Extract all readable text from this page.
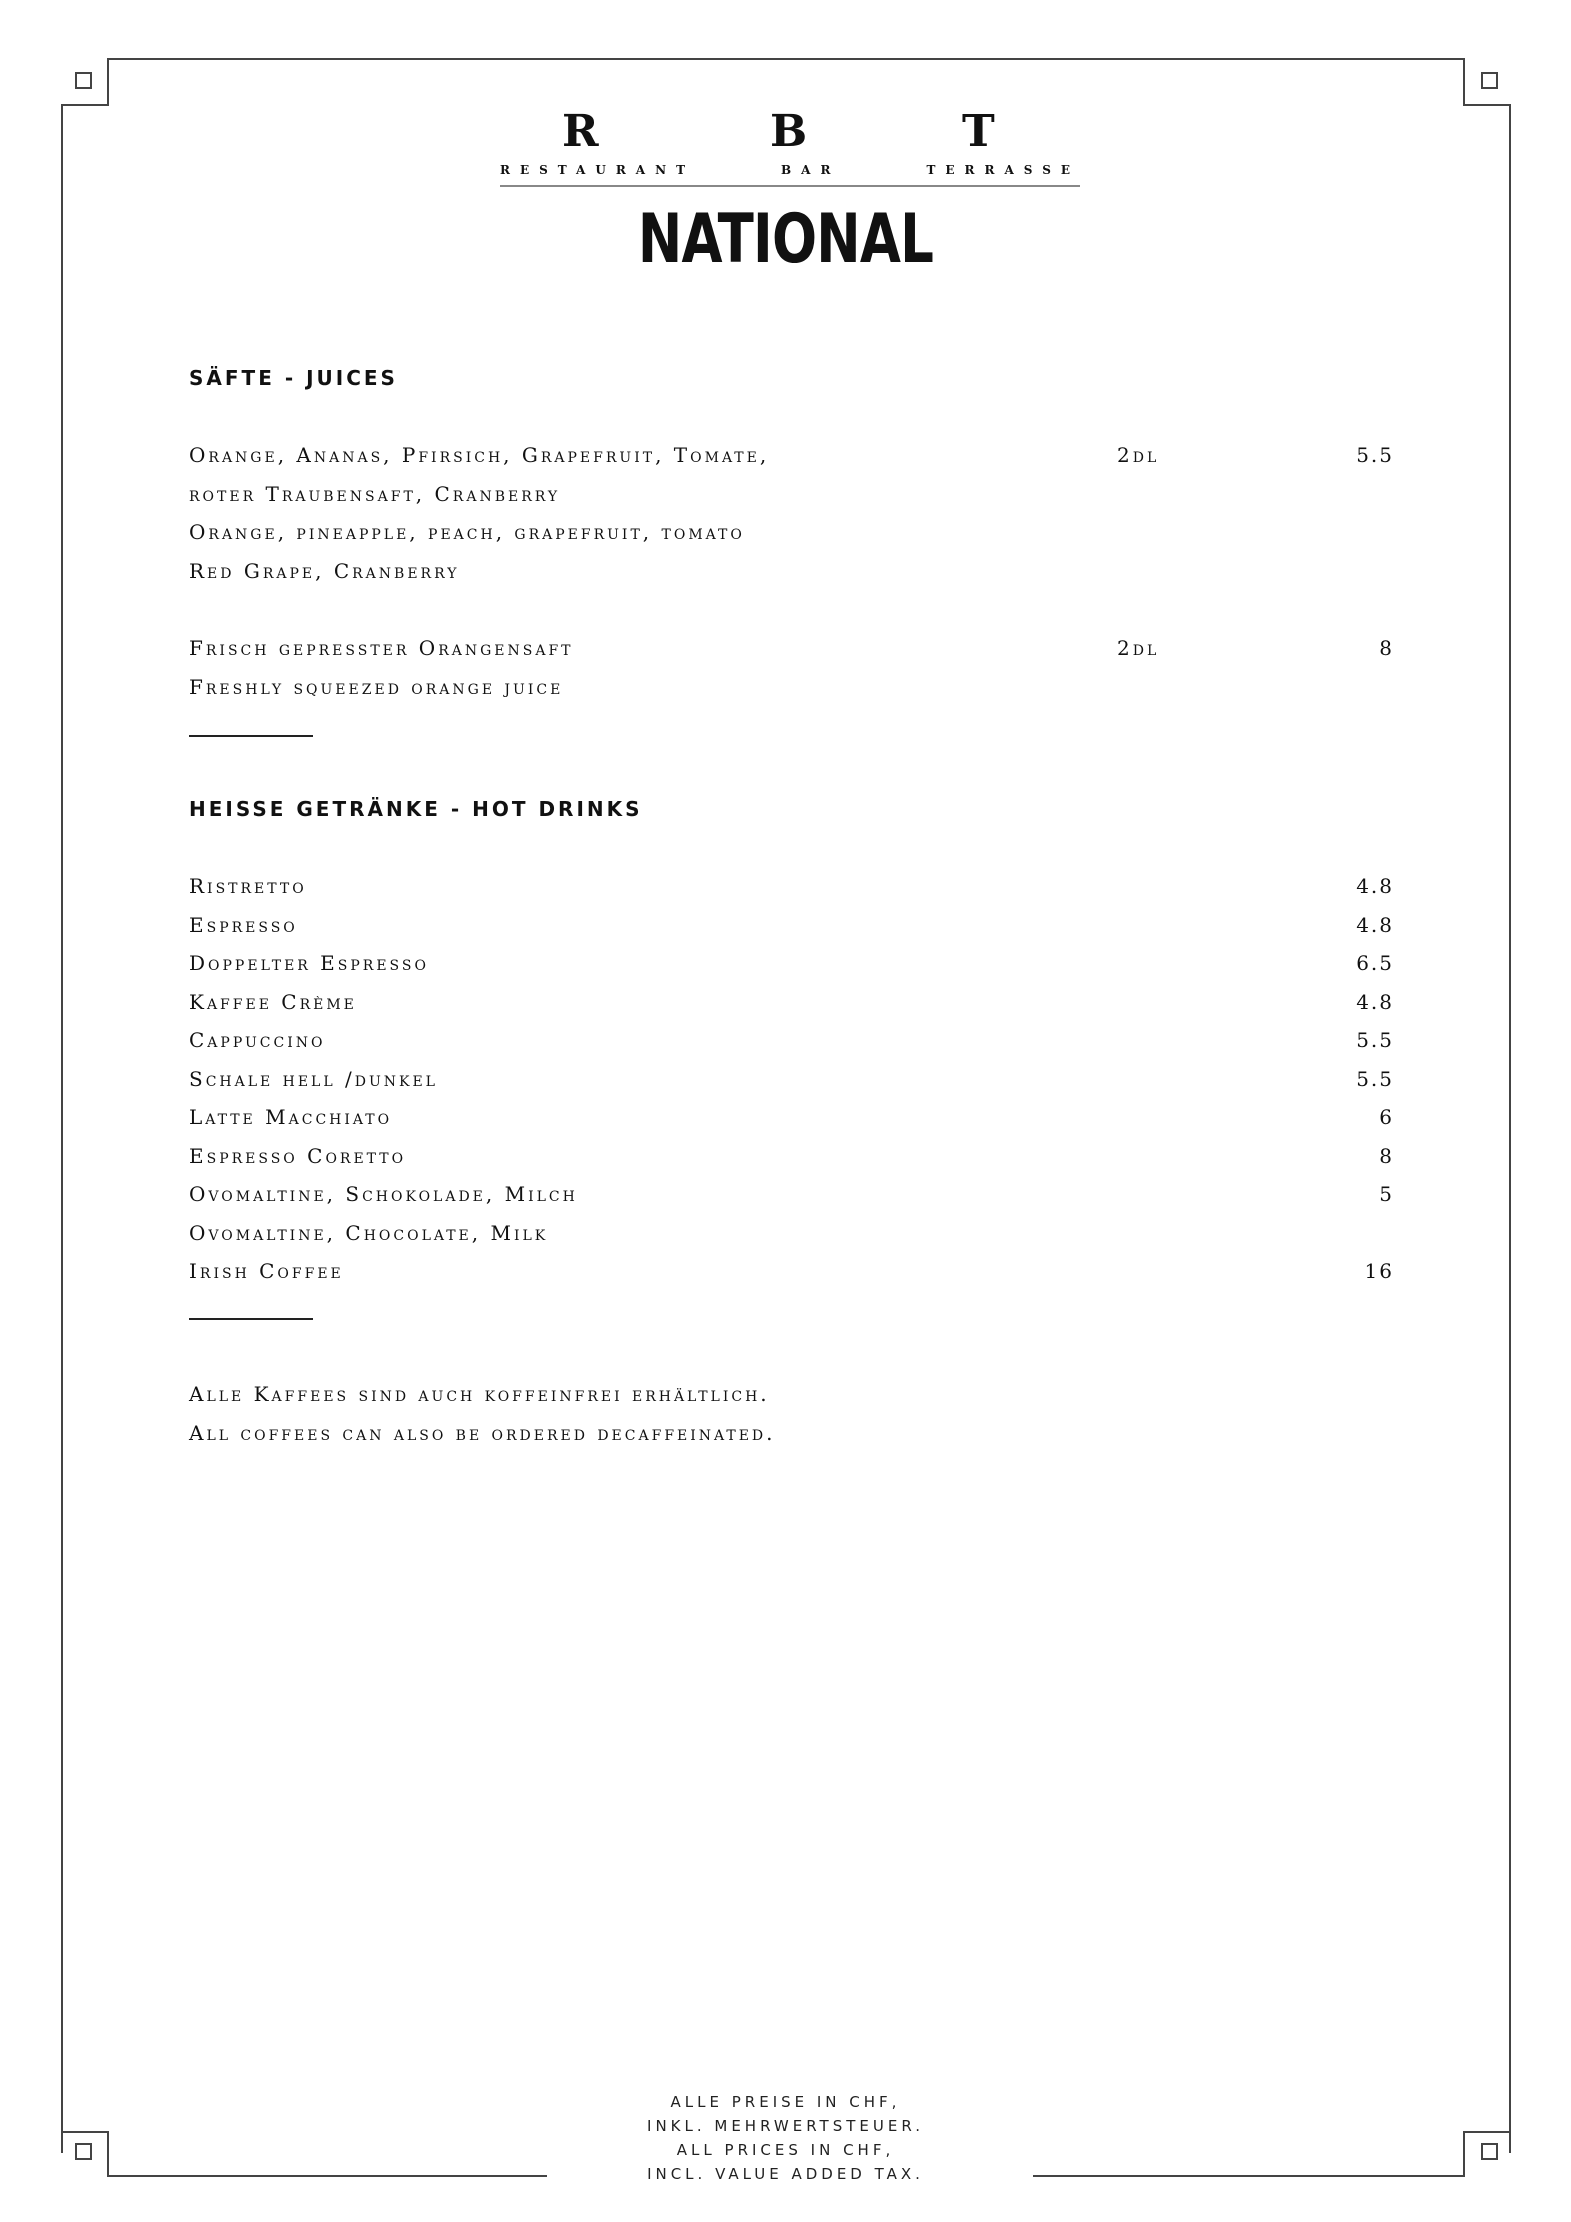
R	B	T
RESTAURANT	BAR	TERRASSE
NATIONAL
SÄFTE - JUICES
Orange, Ananas, Pfirsich, Grapefruit, Tomate,	2dl	5.5
roter Traubensaft, Cranberry
Orange, pineapple, peach, grapefruit, tomato
Red Grape, Cranberry
Frisch gepresster Orangensaft	2dl	8
Freshly squeezed orange juice
HEISSE GETRÄNKE - HOT DRINKS
Ristretto	4.8
Espresso	4.8
Doppelter Espresso	6.5
Kaffee Crème	4.8
Cappuccino	5.5
Schale hell /dunkel	5.5
Latte Macchiato	6
Espresso Coretto	8
Ovomaltine, Schokolade, Milch	5
Ovomaltine, Chocolate, Milk
Irish Coffee	16
Alle Kaffees sind auch koffeinfrei erhältlich.
All coffees can also be ordered decaffeinated.
ALLE PREISE IN CHF,
INKL. MEHRWERTSTEUER.
ALL PRICES IN CHF,
INCL. VALUE ADDED TAX.
